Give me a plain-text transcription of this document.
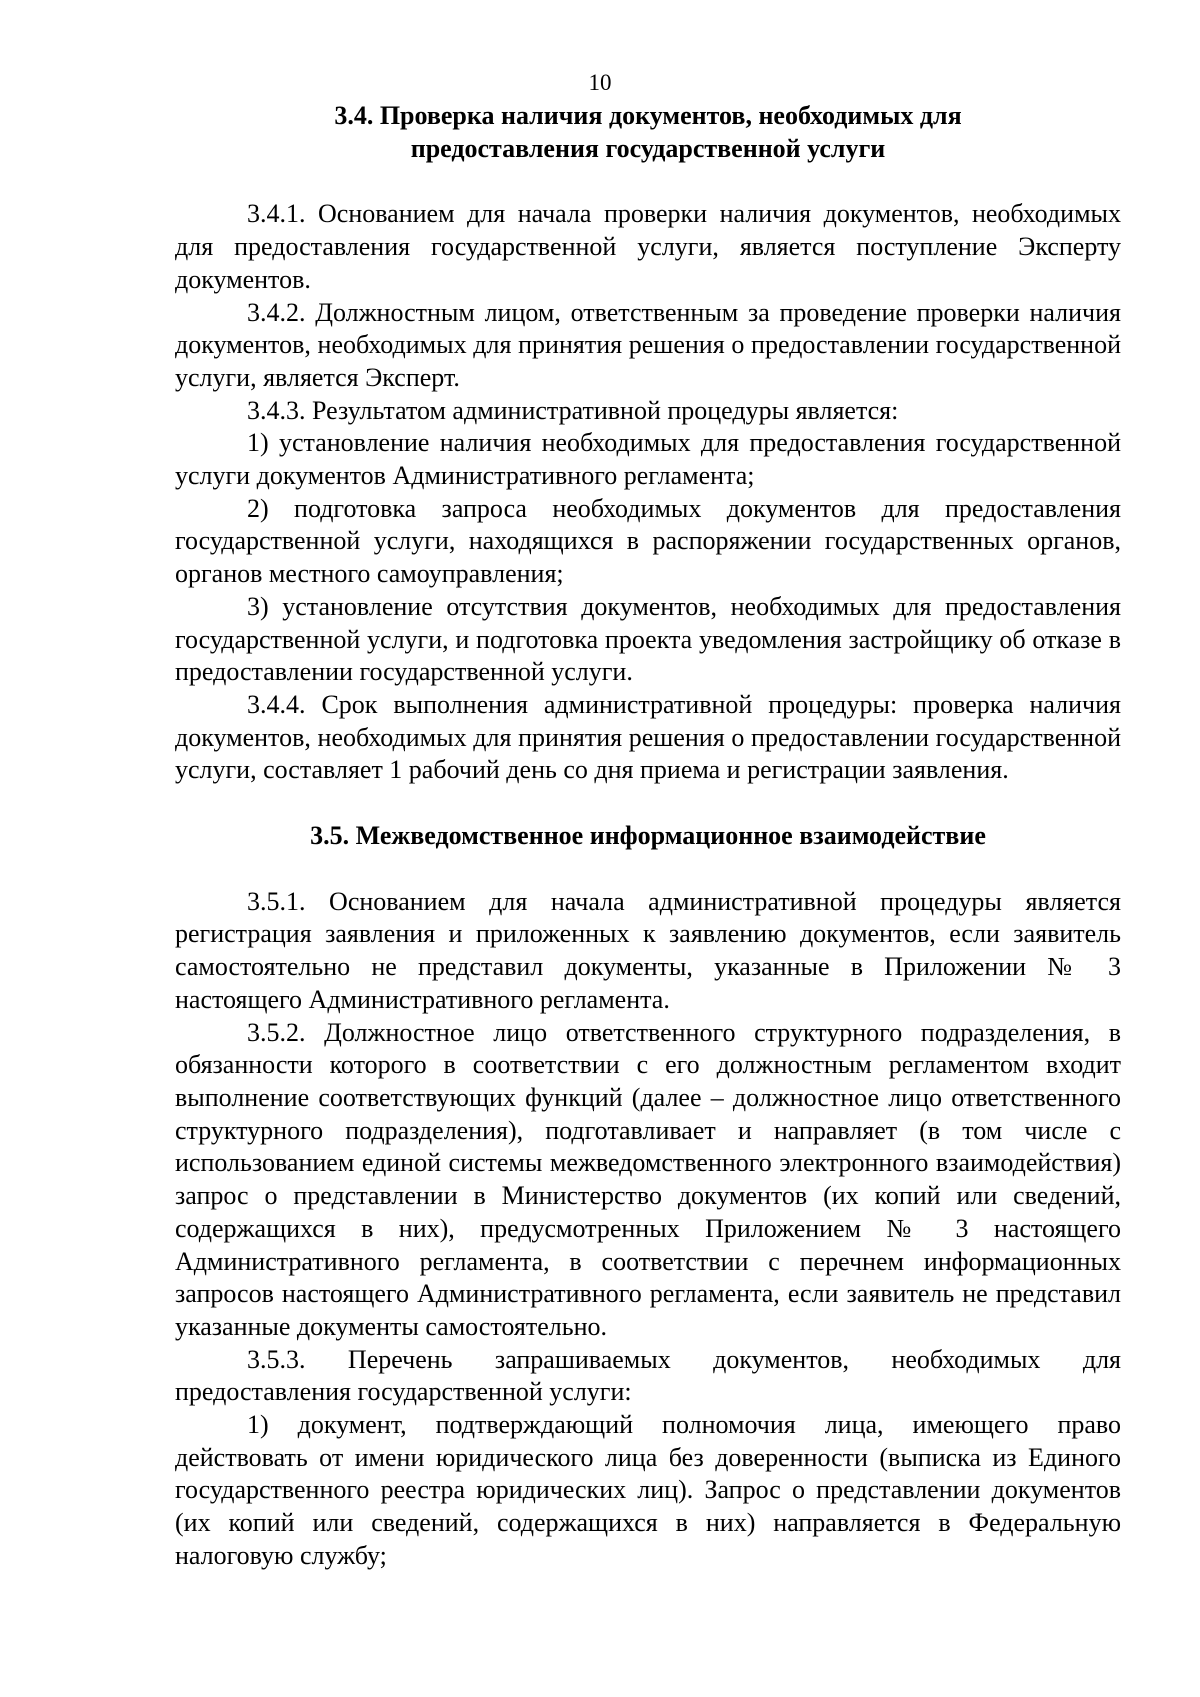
10

3.4. Проверка наличия документов, необходимых для
предоставления государственной услуги

3.4.1. Основанием для начала проверки наличия документов, необходимых для предоставления государственной услуги, является поступление Эксперту документов.

3.4.2. Должностным лицом, ответственным за проведение проверки наличия документов, необходимых для принятия решения о предоставлении государственной услуги, является Эксперт.

3.4.3. Результатом административной процедуры является:

1) установление наличия необходимых для предоставления государственной услуги документов Административного регламента;

2) подготовка запроса необходимых документов для предоставления государственной услуги, находящихся в распоряжении государственных органов, органов местного самоуправления;

3) установление отсутствия документов, необходимых для предоставления государственной услуги, и подготовка проекта уведомления застройщику об отказе в предоставлении государственной услуги.

3.4.4. Срок выполнения административной процедуры: проверка наличия документов, необходимых для принятия решения о предоставлении государственной услуги, составляет 1 рабочий день со дня приема и регистрации заявления.

3.5. Межведомственное информационное взаимодействие

3.5.1. Основанием для начала административной процедуры является регистрация заявления и приложенных к заявлению документов, если заявитель самостоятельно не представил документы, указанные в Приложении № 3 настоящего Административного регламента.

3.5.2. Должностное лицо ответственного структурного подразделения, в обязанности которого в соответствии с его должностным регламентом входит выполнение соответствующих функций (далее – должностное лицо ответственного структурного подразделения), подготавливает и направляет (в том числе с использованием единой системы межведомственного электронного взаимодействия) запрос о представлении в Министерство документов (их копий или сведений, содержащихся в них), предусмотренных Приложением № 3 настоящего Административного регламента, в соответствии с перечнем информационных запросов настоящего Административного регламента, если заявитель не представил указанные документы самостоятельно.

3.5.3. Перечень запрашиваемых документов, необходимых для предоставления государственной услуги:

1) документ, подтверждающий полномочия лица, имеющего право действовать от имени юридического лица без доверенности (выписка из Единого государственного реестра юридических лиц). Запрос о представлении документов (их копий или сведений, содержащихся в них) направляется в Федеральную налоговую службу;
